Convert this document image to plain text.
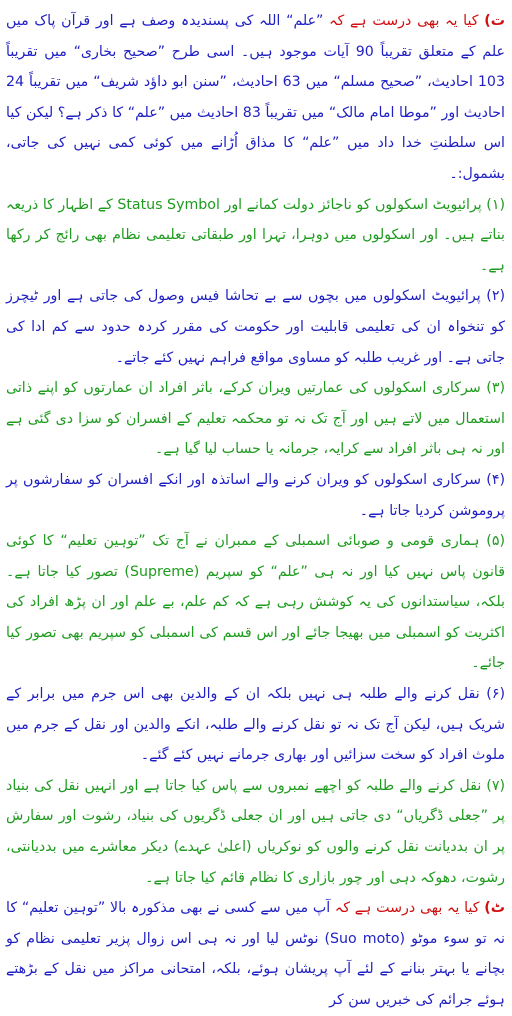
ت) کیا یہ بھی درست ہے کہ ”علم“ اللہ کی پسندیدہ وصف ہے اور قرآن پاک میں علم کے متعلق تقریباً 90 آیات موجود ہیں۔ اسی طرح ”صحیح بخاری“ میں تقریباً 103 احادیث، ”صحیح مسلم“ میں 63 احادیث، ”سنن ابو داؤد شریف“ میں تقریباً 24 احادیث اور ”موطا امام مالک“ میں تقریباً 83 احادیث میں ”علم“ کا ذکر ہے؟ لیکن کیا اس سلطنتِ خدا داد میں ”علم“ کا مذاق اُڑانے میں کوئی کمی نہیں کی جاتی، بشمول:۔

(۱) پرائیویٹ اسکولوں کو ناجائز دولت کمانے اور Status Symbol کے اظہار کا ذریعہ بناتے ہیں۔ اور اسکولوں میں دوہرا، تہرا اور طبقاتی تعلیمی نظام بھی رائج کر رکھا ہے۔

(۲) پرائیویٹ اسکولوں میں بچوں سے بے تحاشا فیس وصول کی جاتی ہے اور ٹیچرز کو تنخواہ ان کی تعلیمی قابلیت اور حکومت کی مقرر کردہ حدود سے کم ادا کی جاتی ہے۔ اور غریب طلبہ کو مساوی مواقع فراہم نہیں کئے جاتے۔

(۳) سرکاری اسکولوں کی عمارتیں ویران کرکے، باثر افراد ان عمارتوں کو اپنے ذاتی استعمال میں لاتے ہیں اور آج تک نہ تو محکمہ تعلیم کے افسران کو سزا دی گئی ہے اور نہ ہی باثر افراد سے کرایہ، جرمانہ یا حساب لیا گیا ہے۔

(۴) سرکاری اسکولوں کو ویران کرنے والے اساتذہ اور انکے افسران کو سفارشوں پر پروموشن کردیا جاتا ہے۔

(۵) ہماری قومی و صوبائی اسمبلی کے ممبران نے آج تک ”توہین تعلیم“ کا کوئی قانون پاس نہیں کیا اور نہ ہی ”علم“ کو سپریم (Supreme) تصور کیا جاتا ہے۔ بلکہ، سیاستدانوں کی یہ کوشش رہی ہے کہ کم علم، بے علم اور ان پڑھ افراد کی اکثریت کو اسمبلی میں بھیجا جائے اور اس قسم کی اسمبلی کو سپریم بھی تصور کیا جائے۔

(۶) نقل کرنے والے طلبہ ہی نہیں بلکہ ان کے والدین بھی اس جرم میں برابر کے شریک ہیں، لیکن آج تک نہ تو نقل کرنے والے طلبہ، انکے والدین اور نقل کے جرم میں ملوث افراد کو سخت سزائیں اور بھاری جرمانے نہیں کئے گئے۔

(۷) نقل کرنے والے طلبہ کو اچھے نمبروں سے پاس کیا جاتا ہے اور انہیں نقل کی بنیاد پر ”جعلی ڈگریاں“ دی جاتی ہیں اور ان جعلی ڈگریوں کی بنیاد، رشوت اور سفارش پر ان بددیانت نقل کرنے والوں کو نوکریاں (اعلیٰ عہدے) دیکر معاشرے میں بددیانتی، رشوت، دھوکہ دہی اور چور بازاری کا نظام قائم کیا جاتا ہے۔

ٹ) کیا یہ بھی درست ہے کہ آپ میں سے کسی نے بھی مذکورہ بالا ”توہین تعلیم“ کا نہ تو سوء موٹو (Suo moto) نوٹس لیا اور نہ ہی اس زوال پزیر تعلیمی نظام کو بچانے یا بہتر بنانے کے لئے آپ پریشان ہوئے، بلکہ، امتحانی مراکز میں نقل کے بڑھتے ہوئے جرائم کی خبریں سن کر
